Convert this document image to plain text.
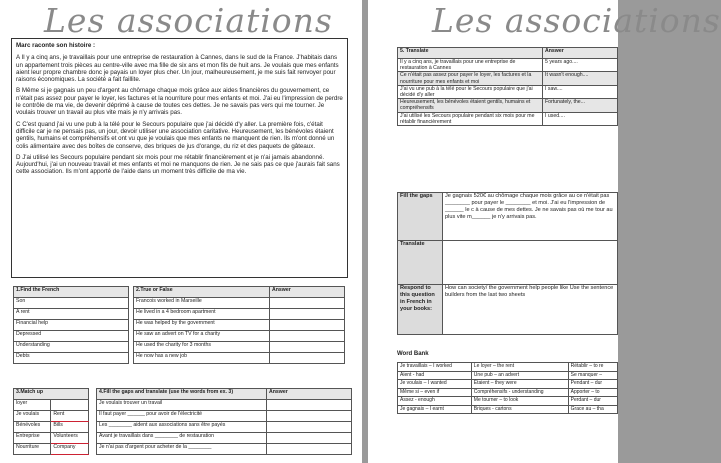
Les associations
Marc raconte son histoire :

A Il y a cinq ans, je travaillais pour une entreprise de restauration à Cannes, dans le sud de la France. J'habitais dans un appartement trois pièces au centre-ville avec ma fille de six ans et mon fils de huit ans. Je voulais que mes enfants aient leur propre chambre donc je payais un loyer plus cher. Un jour, malheureusement, je me suis fait renvoyer pour raisons économiques. La société a fait faillite.

B Même si je gagnais un peu d'argent au chômage chaque mois grâce aux aides financières du gouvernement, ce n'était pas assez pour payer le loyer, les factures et la nourriture pour mes enfants et moi. J'ai eu l'impression de perdre le contrôle de ma vie, de devenir déprimé à cause de toutes ces dettes. Je ne savais pas vers qui me tourner. Je voulais trouver un travail au plus vite mais je n'y arrivais pas.

C C'est quand j'ai vu une pub à la télé pour le Secours populaire que j'ai décidé d'y aller. La première fois, c'était difficile car je ne pensais pas, un jour, devoir utiliser une association caritative. Heureusement, les bénévoles étaient gentils, humains et compréhensifs et ont vu que je voulais que mes enfants ne manquent de rien. Ils m'ont donné un colis alimentaire avec des boîtes de conserve, des briques de jus d'orange, du riz et des paquets de gâteaux.

D J'ai utilisé les Secours populaire pendant six mois pour me rétablir financièrement et je n'ai jamais abandonné. Aujourd'hui, j'ai un nouveau travail et mes enfants et moi ne manquons de rien. Je ne sais pas ce que j'aurais fait sans cette association. Ils m'ont apporté de l'aide dans un moment très difficile de ma vie.

1.Find the French
Son
A rent
Financial help
Depressed
Understanding
Debts
2.True or False	Answer
Francois worked in Marseille	
He lived in a 4 bedroom apartment	
He was helped by the government	
He saw an advert on TV for a charity	
He used the charity for 3 months	
He now has a new job	
3.Match up	
loyer	
Je voulais	Rent
Bénévoles	Bills
Entreprise	Volunteers
Nourriture	Company
4.Fill the gaps and translate (use the words from ex. 3)	Answer
Je voulais trouver un travail	
Il faut payer ______ pour avoir de l'électricité	
Les ________ aident aux associations sans être payés	
Avant je travaillais dans ________ de restauration	
Je n'ai pas d'argent pour acheter de la ________	
Les associations
5. Translate	Answer
Il y a cinq ans, je travaillais pour une entreprise de restauration à Cannes	5 years ago....
Ce n'était pas assez pour payer le loyer, les factures et la nourriture pour mes enfants et moi	It wasn't enough....
J'ai vu une pub à la télé pour le Secours populaire que j'ai décidé d'y aller	I saw....
Heureusement, les bénévoles étaient gentils, humains et compréhensifs	Fortunately, the...
J'ai utilisé les Secours populaire pendant six mois pour me rétablir financièrement	I used....
Fill the gaps	Je gagnais 520€ au chômage chaque mois grâce au ce n'était pas ________ pour payer le ________ et moi. J'ai eu l'impression de ______ le c à cause de mes dettes. Je ne savais pas où me tour au plus vite m______ je n'y arrivais pas.
Translate	
Respond to this question in French in your books:	How can society/ the government help people like Use the sentence builders from the last two sheets
Word Bank
Je travaillais – I worked	Le loyer – the rent	Rétablir – to re
Aient - had	Une pub – an advert	Se manquer –
Je voulais – I wanted	Étaient – they were	Pendant – dur
Même si – even if	Compréhensifs - understanding	Apporter – to
Assez - enough	Me tourner – to look	Perdant – dur
Je gagnais – I earnt	Briques - cartons	Grace au – tha
